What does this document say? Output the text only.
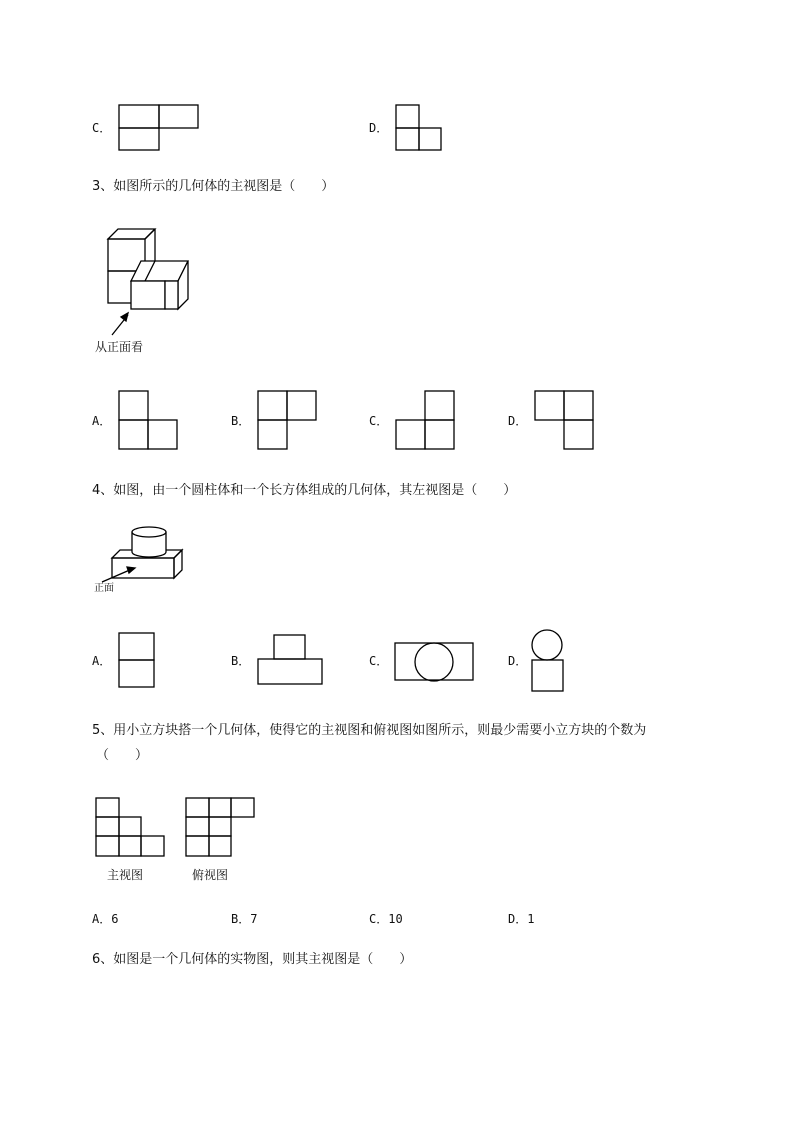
C．	D．
3、如图所示的几何体的主视图是（　　）
从正面看
A．	B．	C．	D．
4、如图，由一个圆柱体和一个长方体组成的几何体，其左视图是（　　）
正面
A．	B．	C．	D．
5、用小立方块搭一个几何体，使得它的主视图和俯视图如图所示，则最少需要小立方块的个数为
（　　）
主视图	俯视图
A．6	B．7	C．10	D．1
6、如图是一个几何体的实物图，则其主视图是（　　）
